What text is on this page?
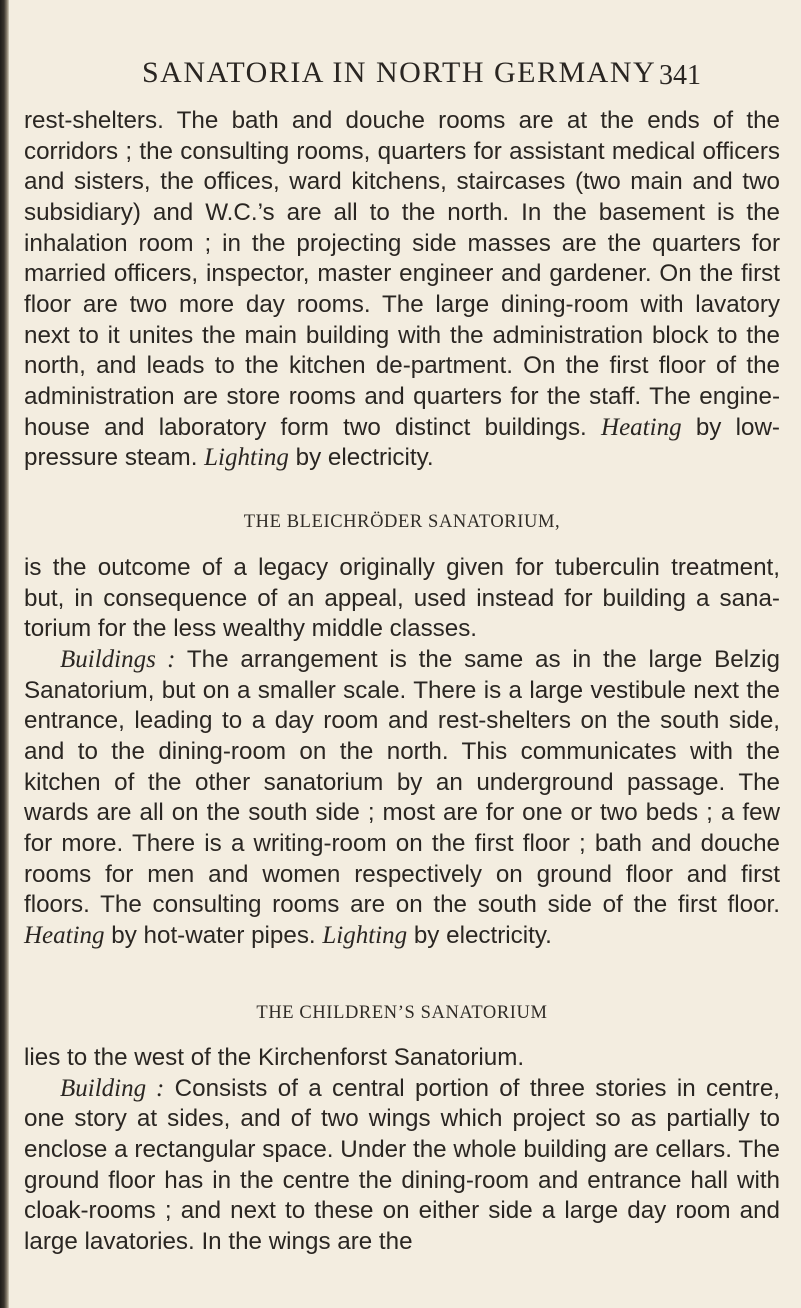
SANATORIA IN NORTH GERMANY 341

rest-shelters. The bath and douche rooms are at the ends of the corridors ; the consulting rooms, quarters for assistant medical officers and sisters, the offices, ward kitchens, staircases (two main and two subsidiary) and W.C.’s are all to the north. In the basement is the inhalation room ; in the projecting side masses are the quarters for married officers, inspector, master engineer and gardener. On the first floor are two more day rooms. The large dining-room with lavatory next to it unites the main building with the administration block to the north, and leads to the kitchen de-partment. On the first floor of the administration are store rooms and quarters for the staff. The engine-house and laboratory form two distinct buildings. Heating by low-pressure steam. Lighting by electricity.

THE BLEICHRÖDER SANATORIUM,

is the outcome of a legacy originally given for tuberculin treatment, but, in consequence of an appeal, used instead for building a sana-torium for the less wealthy middle classes.

Buildings : The arrangement is the same as in the large Belzig Sanatorium, but on a smaller scale. There is a large vestibule next the entrance, leading to a day room and rest-shelters on the south side, and to the dining-room on the north. This communicates with the kitchen of the other sanatorium by an underground passage. The wards are all on the south side ; most are for one or two beds ; a few for more. There is a writing-room on the first floor ; bath and douche rooms for men and women respectively on ground floor and first floors. The consulting rooms are on the south side of the first floor. Heating by hot-water pipes. Lighting by electricity.

THE CHILDREN’S SANATORIUM

lies to the west of the Kirchenforst Sanatorium.

Building : Consists of a central portion of three stories in centre, one story at sides, and of two wings which project so as partially to enclose a rectangular space. Under the whole building are cellars. The ground floor has in the centre the dining-room and entrance hall with cloak-rooms ; and next to these on either side a large day room and large lavatories. In the wings are the
